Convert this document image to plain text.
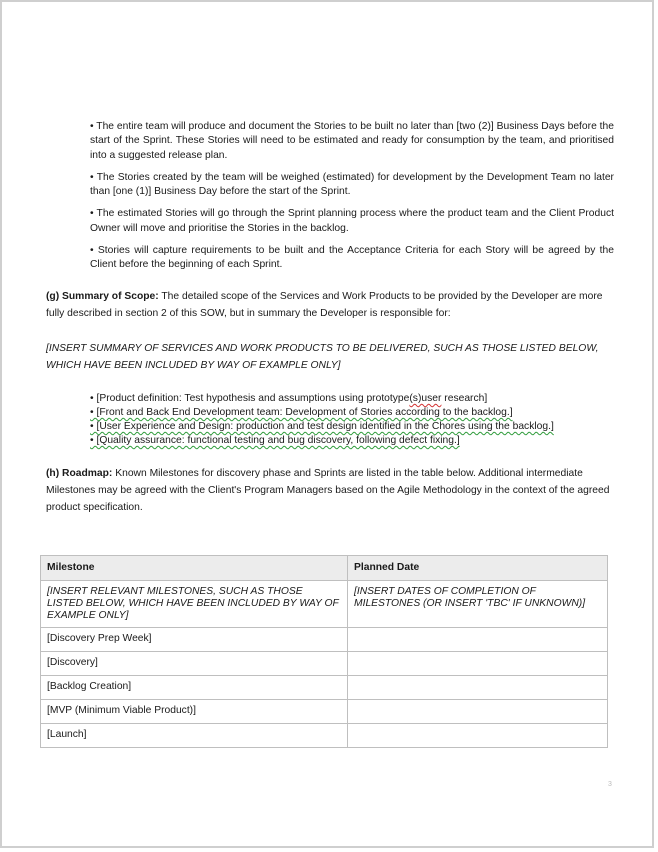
• The entire team will produce and document the Stories to be built no later than [two (2)] Business Days before the start of the Sprint. These Stories will need to be estimated and ready for consumption by the team, and prioritised into a suggested release plan.

• The Stories created by the team will be weighed (estimated) for development by the Development Team no later than [one (1)] Business Day before the start of the Sprint.

• The estimated Stories will go through the Sprint planning process where the product team and the Client Product Owner will move and prioritise the Stories in the backlog.

• Stories will capture requirements to be built and the Acceptance Criteria for each Story will be agreed by the Client before the beginning of each Sprint.

(g) Summary of Scope: The detailed scope of the Services and Work Products to be provided by the Developer are more fully described in section 2 of this SOW, but in summary the Developer is responsible for:

[INSERT SUMMARY OF SERVICES AND WORK PRODUCTS TO BE DELIVERED, SUCH AS THOSE LISTED BELOW, WHICH HAVE BEEN INCLUDED BY WAY OF EXAMPLE ONLY]

• [Product definition: Test hypothesis and assumptions using prototype(s)user research]
• [Front and Back End Development team: Development of Stories according to the backlog.]
• [User Experience and Design: production and test design identified in the Chores using the backlog.]
• [Quality assurance: functional testing and bug discovery, following defect fixing.]

(h) Roadmap: Known Milestones for discovery phase and Sprints are listed in the table below. Additional intermediate Milestones may be agreed with the Client's Program Managers based on the Agile Methodology in the context of the agreed product specification.

Milestone	Planned Date
[INSERT RELEVANT MILESTONES, SUCH AS THOSE LISTED BELOW, WHICH HAVE BEEN INCLUDED BY WAY OF EXAMPLE ONLY]	[INSERT DATES OF COMPLETION OF MILESTONES (OR INSERT 'TBC' IF UNKNOWN)]
[Discovery Prep Week]	
[Discovery]	
[Backlog Creation]	
[MVP (Minimum Viable Product)]	
[Launch]	
3
